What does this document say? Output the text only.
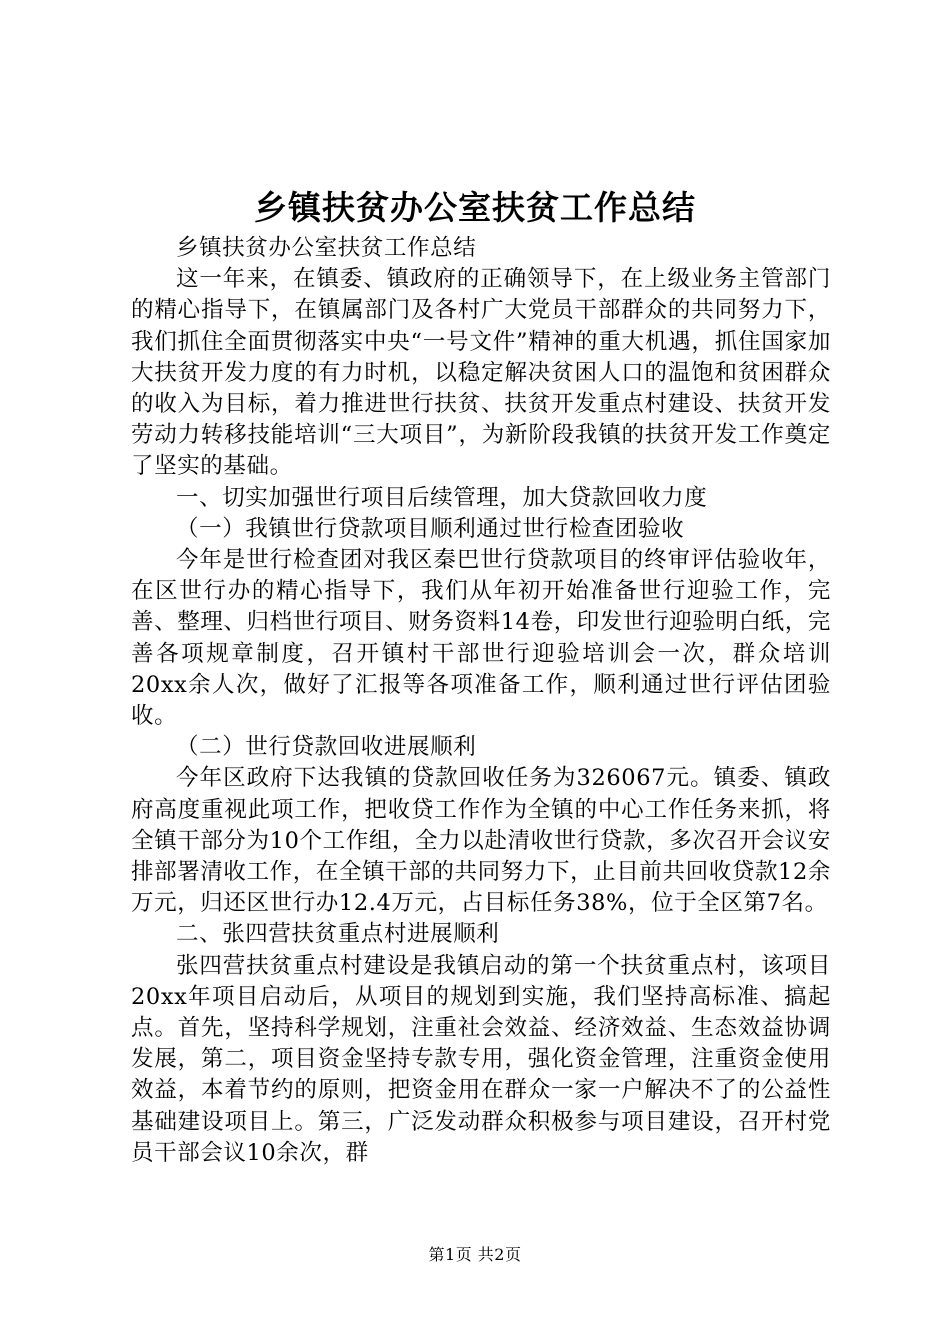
乡镇扶贫办公室扶贫工作总结

乡镇扶贫办公室扶贫工作总结

这一年来，在镇委、镇政府的正确领导下，在上级业务主管部门的精心指导下，在镇属部门及各村广大党员干部群众的共同努力下，我们抓住全面贯彻落实中央“一号文件”精神的重大机遇，抓住国家加大扶贫开发力度的有力时机，以稳定解决贫困人口的温饱和贫困群众的收入为目标，着力推进世行扶贫、扶贫开发重点村建设、扶贫开发劳动力转移技能培训“三大项目”，为新阶段我镇的扶贫开发工作奠定了坚实的基础。

一、切实加强世行项目后续管理，加大贷款回收力度

（一）我镇世行贷款项目顺利通过世行检查团验收

今年是世行检查团对我区秦巴世行贷款项目的终审评估验收年，在区世行办的精心指导下，我们从年初开始准备世行迎验工作，完善、整理、归档世行项目、财务资料14卷，印发世行迎验明白纸，完善各项规章制度，召开镇村干部世行迎验培训会一次，群众培训20xx余人次，做好了汇报等各项准备工作，顺利通过世行评估团验收。

（二）世行贷款回收进展顺利

今年区政府下达我镇的贷款回收任务为326067元。镇委、镇政府高度重视此项工作，把收贷工作作为全镇的中心工作任务来抓，将全镇干部分为10个工作组，全力以赴清收世行贷款，多次召开会议安排部署清收工作，在全镇干部的共同努力下，止目前共回收贷款12余万元，归还区世行办12.4万元，占目标任务38%，位于全区第7名。

二、张四营扶贫重点村进展顺利

张四营扶贫重点村建设是我镇启动的第一个扶贫重点村，该项目20xx年项目启动后，从项目的规划到实施，我们坚持高标准、搞起点。首先，坚持科学规划，注重社会效益、经济效益、生态效益协调发展，第二，项目资金坚持专款专用，强化资金管理，注重资金使用效益，本着节约的原则，把资金用在群众一家一户解决不了的公益性基础建设项目上。第三，广泛发动群众积极参与项目建设，召开村党员干部会议10余次，群

第1页 共2页
